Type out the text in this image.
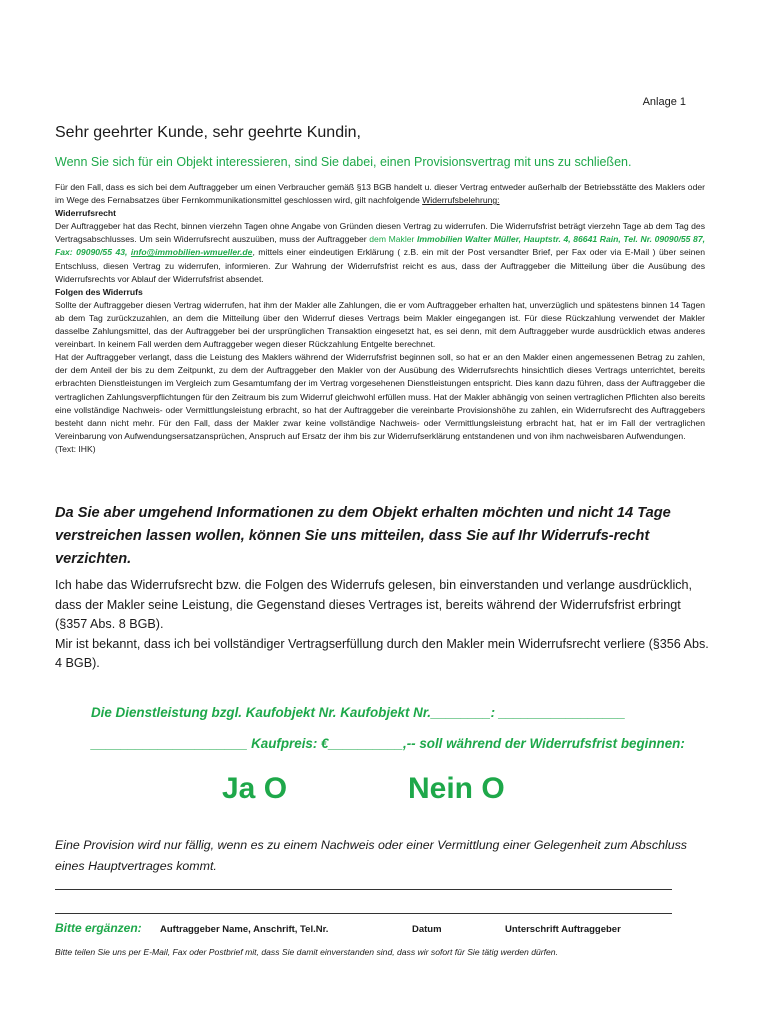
Anlage 1
Sehr geehrter Kunde, sehr geehrte Kundin,
Wenn Sie sich für ein Objekt interessieren, sind Sie dabei, einen Provisionsvertrag mit uns zu schließen.

Für den Fall, dass es sich bei dem Auftraggeber um einen Verbraucher gemäß §13 BGB handelt u. dieser Vertrag entweder außerhalb der Betriebsstätte des Maklers oder im Wege des Fernabsatzes über Fernkommunikationsmittel geschlossen wird, gilt nachfolgende Widerrufsbelehrung:

Widerrufsrecht

Der Auftraggeber hat das Recht, binnen vierzehn Tagen ohne Angabe von Gründen diesen Vertrag zu widerrufen. Die Widerrufsfrist beträgt vierzehn Tage ab dem Tag des Vertragsabschlusses. Um sein Widerrufsrecht auszuüben, muss der Auftraggeber dem Makler Immobilien Walter Müller, Hauptstr. 4, 86641 Rain, Tel. Nr. 09090/55 87, Fax: 09090/55 43, info@immobilien-wmueller.de, mittels einer eindeutigen Erklärung ( z.B. ein mit der Post versandter Brief, per Fax oder via E-Mail ) über seinen Entschluss, diesen Vertrag zu widerrufen, informieren. Zur Wahrung der Widerrufsfrist reicht es aus, dass der Auftraggeber die Mitteilung über die Ausübung des Widerrufsrechts vor Ablauf der Widerrufsfrist absendet.

Folgen des Widerrufs

Sollte der Auftraggeber diesen Vertrag widerrufen, hat ihm der Makler alle Zahlungen, die er vom Auftraggeber erhalten hat, unverzüglich und spätestens binnen 14 Tagen ab dem Tag zurückzuzahlen, an dem die Mitteilung über den Widerruf dieses Vertrags beim Makler eingegangen ist. Für diese Rückzahlung verwendet der Makler dasselbe Zahlungsmittel, das der Auftraggeber bei der ursprünglichen Transaktion eingesetzt hat, es sei denn, mit dem Auftraggeber wurde ausdrücklich etwas anderes vereinbart. In keinem Fall werden dem Auftraggeber wegen dieser Rückzahlung Entgelte berechnet.

Hat der Auftraggeber verlangt, dass die Leistung des Maklers während der Widerrufsfrist beginnen soll, so hat er an den Makler einen angemessenen Betrag zu zahlen, der dem Anteil der bis zu dem Zeitpunkt, zu dem der Auftraggeber den Makler von der Ausübung des Widerrufsrechts hinsichtlich dieses Vertrags unterrichtet, bereits erbrachten Dienstleistungen im Vergleich zum Gesamtumfang der im Vertrag vorgesehenen Dienstleistungen entspricht. Dies kann dazu führen, dass der Auftraggeber die vertraglichen Zahlungsverpflichtungen für den Zeitraum bis zum Widerruf gleichwohl erfüllen muss. Hat der Makler abhängig von seinen vertraglichen Pflichten also bereits eine vollständige Nachweis- oder Vermittlungsleistung erbracht, so hat der Auftraggeber die vereinbarte Provisionshöhe zu zahlen, ein Widerrufsrecht des Auftraggebers besteht dann nicht mehr. Für den Fall, dass der Makler zwar keine vollständige Nachweis- oder Vermittlungsleistung erbracht hat, hat er im Fall der vertraglichen Vereinbarung von Aufwendungsersatzansprüchen, Anspruch auf Ersatz der ihm bis zur Widerrufserklärung entstandenen und von ihm nachweisbaren Aufwendungen.

(Text: IHK)

Da Sie aber umgehend Informationen zu dem Objekt erhalten möchten und nicht 14 Tage verstreichen lassen wollen, können Sie uns mitteilen, dass Sie auf Ihr Widerrufs-recht verzichten.

Ich habe das Widerrufsrecht bzw. die Folgen des Widerrufs gelesen, bin einverstanden und verlange ausdrücklich, dass der Makler seine Leistung, die Gegenstand dieses Vertrages ist, bereits während der Widerrufsfrist erbringt (§357 Abs. 8 BGB).

Mir ist bekannt, dass ich bei vollständiger Vertragserfüllung durch den Makler mein Widerrufsrecht verliere (§356 Abs. 4 BGB).

Die Dienstleistung bzgl. Kaufobjekt Nr. Kaufobjekt Nr.________: _________________
_____________________ Kaufpreis: €__________,-- soll während der Widerrufsfrist beginnen:
Ja O	Nein O
Eine Provision wird nur fällig, wenn es zu einem Nachweis oder einer Vermittlung einer Gelegenheit zum Abschluss eines Hauptvertrages kommt.
Bitte ergänzen: Auftraggeber Name, Anschrift, Tel.Nr.	Datum	Unterschrift Auftraggeber
Bitte teilen Sie uns per E-Mail, Fax oder Postbrief mit, dass Sie damit einverstanden sind, dass wir sofort für Sie tätig werden dürfen.
